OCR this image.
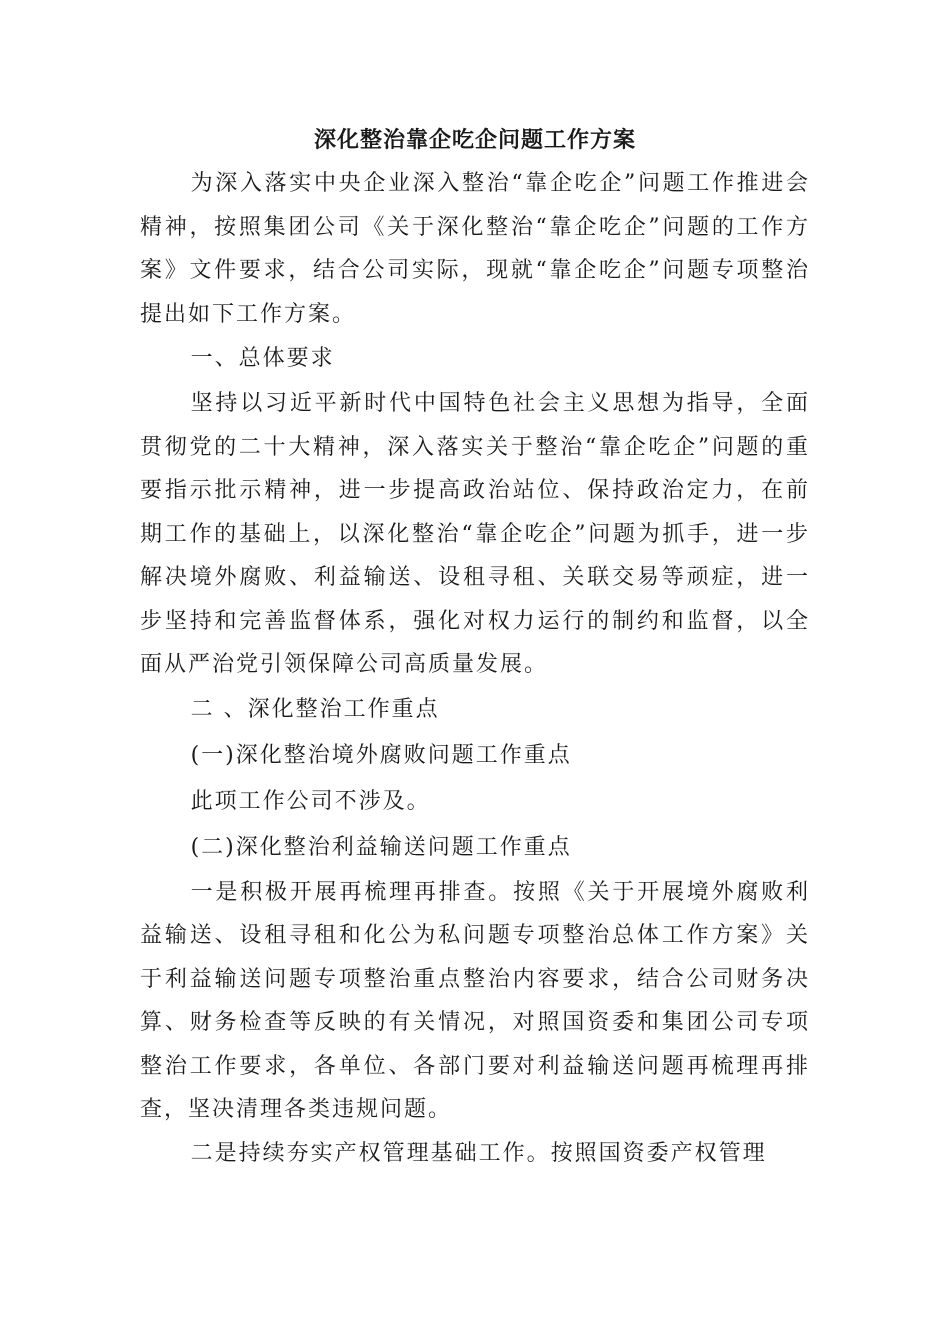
深化整治靠企吃企问题工作方案

为深入落实中央企业深入整治“靠企吃企”问题工作推进会精神，按照集团公司《关于深化整治“靠企吃企”问题的工作方案》文件要求，结合公司实际，现就“靠企吃企”问题专项整治提出如下工作方案。

一、总体要求

坚持以习近平新时代中国特色社会主义思想为指导，全面贯彻党的二十大精神，深入落实关于整治“靠企吃企”问题的重要指示批示精神，进一步提高政治站位、保持政治定力，在前期工作的基础上，以深化整治“靠企吃企”问题为抓手，进一步解决境外腐败、利益输送、设租寻租、关联交易等顽症，进一步坚持和完善监督体系，强化对权力运行的制约和监督，以全面从严治党引领保障公司高质量发展。

二 、深化整治工作重点

(一)深化整治境外腐败问题工作重点

此项工作公司不涉及。

(二)深化整治利益输送问题工作重点

一是积极开展再梳理再排查。按照《关于开展境外腐败利益输送、设租寻租和化公为私问题专项整治总体工作方案》关于利益输送问题专项整治重点整治内容要求，结合公司财务决算、财务检查等反映的有关情况，对照国资委和集团公司专项整治工作要求，各单位、各部门要对利益输送问题再梳理再排查，坚决清理各类违规问题。

二是持续夯实产权管理基础工作。按照国资委产权管理
